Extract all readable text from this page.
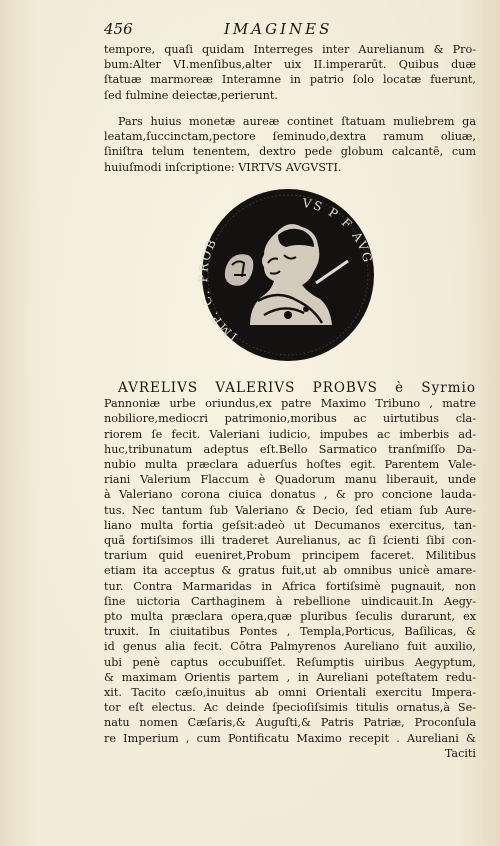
456	IMAGINES
tempore, quaſi quidam Interreges inter Aurelianum & Pro-
bum:Alter VI.menſibus,alter uix II.imperarūt. Quibus duæ
ſtatuæ marmoreæ Interamne in patrio ſolo locatæ fuerunt,
ſed fulmine deiectæ,perierunt.
Pars huius monetæ aureæ continet ſtatuam muliebrem ga
leatam,ſuccinctam,pectore ſeminudo,dextra ramum oliuæ,
ſiniſtra telum tenentem, dextro pede globum calcantē, cum
huiuſmodi inſcriptione: VIRTVS AVGVSTI.
IMP. C. OB
VS P F AVG
AVRELIVS VALERIVS PROBVS è Syrmio
Pannoniæ urbe oriundus,ex patre Maximo Tribuno , matre
nobiliore,mediocri patrimonio,moribus ac uirtutibus cla-
riorem ſe fecit. Valeriani iudicio, impubes ac imberbis ad-
huc,tribunatum adeptus eſt.Bello Sarmatico tranſmiſſo Da-
nubio multa præclara aduerſus hoſtes egit. Parentem Vale-
riani Valerium Flaccum è Quadorum manu liberauit, unde
à Valeriano corona ciuica donatus , & pro concione lauda-
tus. Nec tantum ſub Valeriano & Decio, ſed etiam ſub Aure-
liano multa fortia geſsit:adeò ut Decumanos exercitus, tan-
quā fortiſsimos illi traderet Aurelianus, ac ſi ſcienti ſibi con-
trarium quid eueniret,Probum principem faceret. Militibus
etiam ita acceptus & gratus fuit,ut ab omnibus unicè amare-
tur. Contra Marmaridas in Africa fortiſsimè pugnauit, non
ſine uictoria Carthaginem à rebellione uindicauit.In Aegy-
pto multa præclara opera,quæ pluribus ſeculis durarunt, ex
truxit. In ciuitatibus Pontes , Templa,Porticus, Baſilicas, &
id genus alia fecit. Cōtra Palmyrenos Aureliano fuit auxilio,
ubi penè captus occubuiſſet. Reſumptis uiribus Aegyptum,
& maximam Orientis partem , in Aureliani poteſtatem redu-
xit. Tacito cæſo,inuitus ab omni Orientali exercitu Impera-
tor eſt electus. Ac deinde ſpecioſiſsimis titulis ornatus,à Se-
natu nomen Cæſaris,& Auguſti,& Patris Patriæ, Proconſula
re Imperium , cum Pontificatu Maximo recepit . Aureliani &
Taciti
